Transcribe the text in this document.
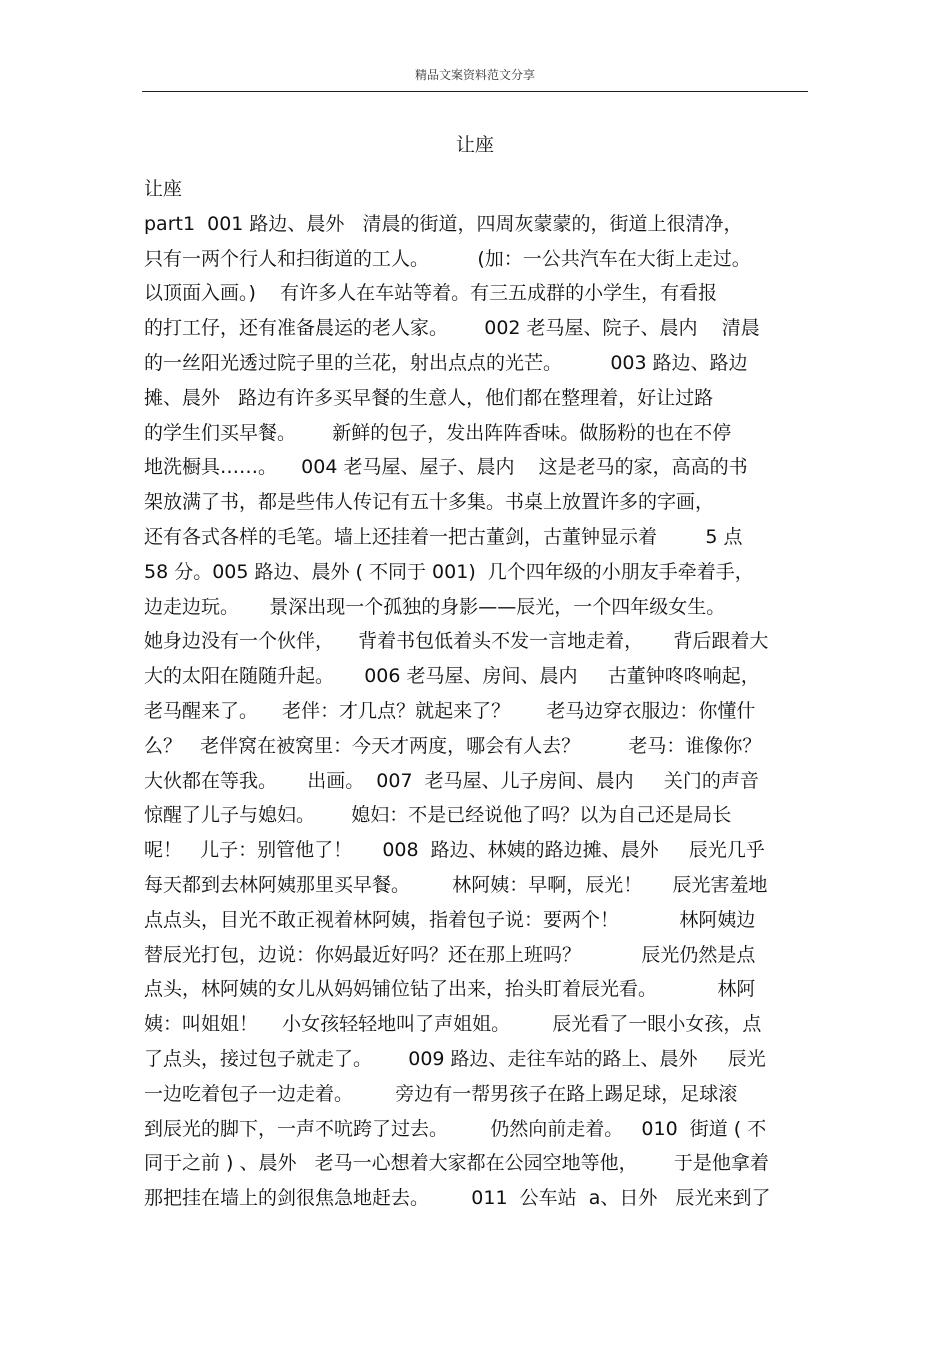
精品文案资料范文分享
让座
让座
part1  001 路边、晨外   清晨的街道，四周灰蒙蒙的，街道上很清净，
只有一两个行人和扫街道的工人。        (加：一公共汽车在大街上走过。
以顶面入画。)    有许多人在车站等着。有三五成群的小学生，有看报
的打工仔，还有准备晨运的老人家。      002 老马屋、院子、晨内    清晨
的一丝阳光透过院子里的兰花，射出点点的光芒。        003 路边、路边
摊、晨外   路边有许多买早餐的生意人，他们都在整理着，好让过路
的学生们买早餐。      新鲜的包子，发出阵阵香味。做肠粉的也在不停
地洗橱具……。    004 老马屋、屋子、晨内    这是老马的家，高高的书
架放满了书，都是些伟人传记有五十多集。书桌上放置许多的字画，
还有各式各样的毛笔。墙上还挂着一把古董剑，古董钟显示着        5 点
58 分。005 路边、晨外 ( 不同于 001)  几个四年级的小朋友手牵着手，
边走边玩。     景深出现一个孤独的身影——辰光，一个四年级女生。
她身边没有一个伙伴，    背着书包低着头不发一言地走着，     背后跟着大
大的太阳在随随升起。     006 老马屋、房间、晨内     古董钟咚咚响起，
老马醒来了。    老伴：才几点？就起来了？      老马边穿衣服边：你懂什
么？   老伴窝在被窝里：今天才两度，哪会有人去？        老马：谁像你？
大伙都在等我。     出画。  007  老马屋、儿子房间、晨内     关门的声音
惊醒了儿子与媳妇。      媳妇：不是已经说他了吗？以为自己还是局长
呢！   儿子：别管他了！     008  路边、林姨的路边摊、晨外     辰光几乎
每天都到去林阿姨那里买早餐。       林阿姨：早啊，辰光！     辰光害羞地
点点头，目光不敢正视着林阿姨，指着包子说：要两个！          林阿姨边
替辰光打包，边说：你妈最近好吗？还在那上班吗？          辰光仍然是点
点头，林阿姨的女儿从妈妈铺位钻了出来，抬头盯着辰光看。          林阿
姨：叫姐姐！    小女孩轻轻地叫了声姐姐。       辰光看了一眼小女孩，点
了点头，接过包子就走了。      009 路边、走往车站的路上、晨外     辰光
一边吃着包子一边走着。       旁边有一帮男孩子在路上踢足球，足球滚
到辰光的脚下，一声不吭跨了过去。       仍然向前走着。   010  街道 ( 不
同于之前 ) 、晨外   老马一心想着大家都在公园空地等他，      于是他拿着
那把挂在墙上的剑很焦急地赶去。       011  公车站  a、日外   辰光来到了
